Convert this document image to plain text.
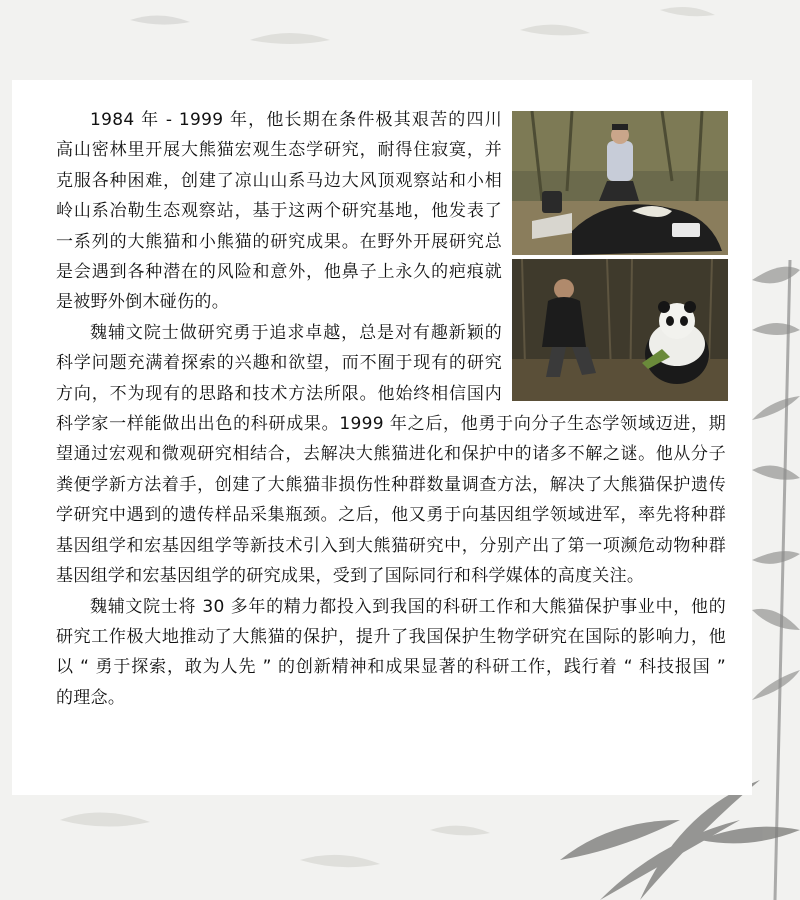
1984 年 - 1999 年，他长期在条件极其艰苦的四川高山密林里开展大熊猫宏观生态学研究，耐得住寂寞，并克服各种困难，创建了凉山山系马边大风顶观察站和小相岭山系冶勒生态观察站，基于这两个研究基地，他发表了一系列的大熊猫和小熊猫的研究成果。在野外开展研究总是会遇到各种潜在的风险和意外，他鼻子上永久的疤痕就是被野外倒木碰伤的。

魏辅文院士做研究勇于追求卓越，总是对有趣新颖的科学问题充满着探索的兴趣和欲望，而不囿于现有的研究方向，不为现有的思路和技术方法所限。他始终相信国内科学家一样能做出出色的科研成果。1999 年之后，他勇于向分子生态学领域迈进，期望通过宏观和微观研究相结合，去解决大熊猫进化和保护中的诸多不解之谜。他从分子粪便学新方法着手，创建了大熊猫非损伤性种群数量调查方法，解决了大熊猫保护遗传学研究中遇到的遗传样品采集瓶颈。之后，他又勇于向基因组学领域进军，率先将种群基因组学和宏基因组学等新技术引入到大熊猫研究中，分别产出了第一项濒危动物种群基因组学和宏基因组学的研究成果，受到了国际同行和科学媒体的高度关注。

魏辅文院士将 30 多年的精力都投入到我国的科研工作和大熊猫保护事业中，他的研究工作极大地推动了大熊猫的保护，提升了我国保护生物学研究在国际的影响力，他以 “ 勇于探索，敢为人先 ” 的创新精神和成果显著的科研工作，践行着 “ 科技报国 ” 的理念。
